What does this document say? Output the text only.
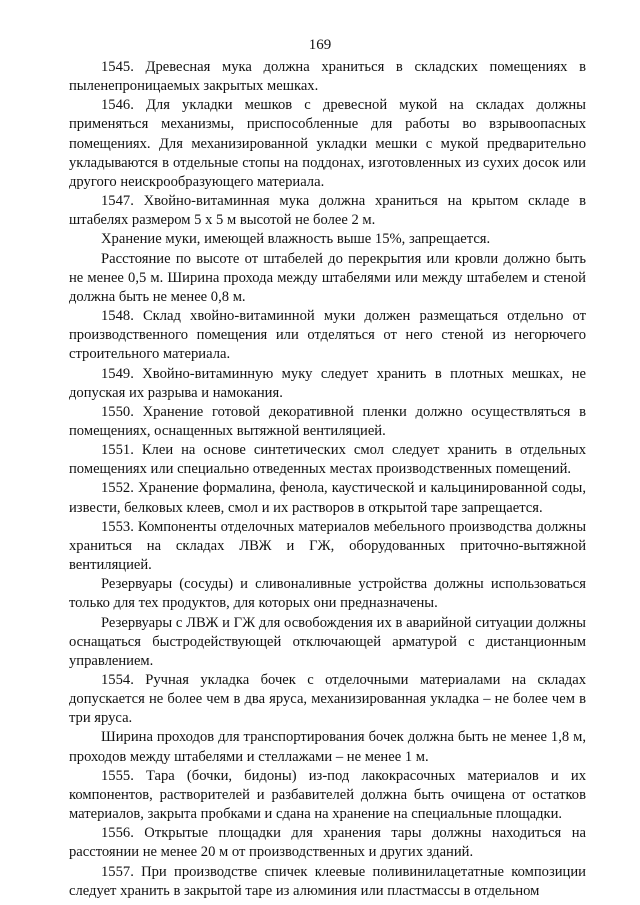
169

1545. Древесная мука должна храниться в складских помещениях в пыленепроницаемых закрытых мешках.

1546. Для укладки мешков с древесной мукой на складах должны применяться механизмы, приспособленные для работы во взрывоопасных помещениях. Для механизированной укладки мешки с мукой предварительно укладываются в отдельные стопы на поддонах, изготовленных из сухих досок или другого неискрообразующего материала.

1547. Хвойно-витаминная мука должна храниться на крытом складе в штабелях размером 5 х 5 м высотой не более 2 м.

Хранение муки, имеющей влажность выше 15%, запрещается.

Расстояние по высоте от штабелей до перекрытия или кровли должно быть не менее 0,5 м. Ширина прохода между штабелями или между штабелем и стеной должна быть не менее 0,8 м.

1548. Склад хвойно-витаминной муки должен размещаться отдельно от производственного помещения или отделяться от него стеной из негорючего строительного материала.

1549. Хвойно-витаминную муку следует хранить в плотных мешках, не допуская их разрыва и намокания.

1550. Хранение готовой декоративной пленки должно осуществляться в помещениях, оснащенных вытяжной вентиляцией.

1551. Клеи на основе синтетических смол следует хранить в отдельных помещениях или специально отведенных местах производственных помещений.

1552. Хранение формалина, фенола, каустической и кальцинированной соды, извести, белковых клеев, смол и их растворов в открытой таре запрещается.

1553. Компоненты отделочных материалов мебельного производства должны храниться на складах ЛВЖ и ГЖ, оборудованных приточно-вытяжной вентиляцией.

Резервуары (сосуды) и сливоналивные устройства должны использоваться только для тех продуктов, для которых они предназначены.

Резервуары с ЛВЖ и ГЖ для освобождения их в аварийной ситуации должны оснащаться быстродействующей отключающей арматурой с дистанционным управлением.

1554. Ручная укладка бочек с отделочными материалами на складах допускается не более чем в два яруса, механизированная укладка – не более чем в три яруса.

Ширина проходов для транспортирования бочек должна быть не менее 1,8 м, проходов между штабелями и стеллажами – не менее 1 м.

1555. Тара (бочки, бидоны) из-под лакокрасочных материалов и их компонентов, растворителей и разбавителей должна быть очищена от остатков материалов, закрыта пробками и сдана на хранение на специальные площадки.

1556. Открытые площадки для хранения тары должны находиться на расстоянии не менее 20 м от производственных и других зданий.

1557. При производстве спичек клеевые поливинилацетатные композиции следует хранить в закрытой таре из алюминия или пластмассы в отдельном
